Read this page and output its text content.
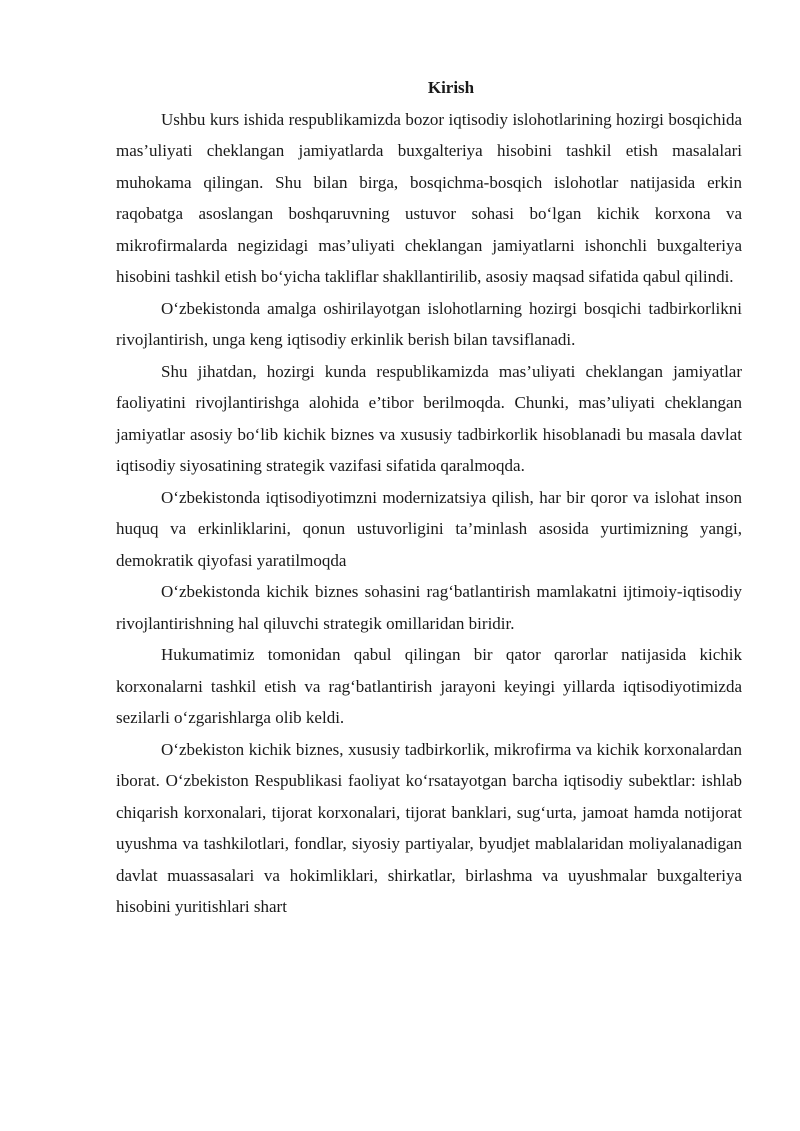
Kirish

Ushbu kurs ishida respublikamizda bozor iqtisodiy islohotlarining hozirgi bosqichida mas’uliyati cheklangan jamiyatlarda buxgalteriya hisobini tashkil etish masalalari muhokama qilingan. Shu bilan birga, bosqichma-bosqich islohotlar natijasida erkin raqobatga asoslangan boshqaruvning ustuvor sohasi bo‘lgan kichik korxona va mikrofirmalarda negizidagi mas’uliyati cheklangan jamiyatlarni ishonchli buxgalteriya hisobini tashkil etish bo‘yicha takliflar shakllantirilib, asosiy maqsad sifatida qabul qilindi.

O‘zbekistonda amalga oshirilayotgan islohotlarning hozirgi bosqichi tadbirkorlikni rivojlantirish, unga keng iqtisodiy erkinlik berish bilan tavsiflanadi.

Shu jihatdan, hozirgi kunda respublikamizda mas’uliyati cheklangan jamiyatlar faoliyatini rivojlantirishga alohida e’tibor berilmoqda. Chunki, mas’uliyati cheklangan jamiyatlar asosiy bo‘lib kichik biznes va xususiy tadbirkorlik hisoblanadi bu masala davlat iqtisodiy siyosatining strategik vazifasi sifatida qaralmoqda.

O‘zbekistonda iqtisodiyotimzni modernizatsiya qilish, har bir qoror va islohat inson huquq va erkinliklarini, qonun ustuvorligini ta’minlash asosida yurtimizning yangi, demokratik qiyofasi yaratilmoqda

O‘zbekistonda kichik biznes sohasini rag‘batlantirish mamlakatni ijtimoiy-iqtisodiy rivojlantirishning hal qiluvchi strategik omillaridan biridir.

Hukumatimiz tomonidan qabul qilingan bir qator qarorlar natijasida kichik korxonalarni tashkil etish va rag‘batlantirish jarayoni keyingi yillarda iqtisodiyotimizda sezilarli o‘zgarishlarga olib keldi.

O‘zbekiston kichik biznes, xususiy tadbirkorlik, mikrofirma va kichik korxonalardan iborat. O‘zbekiston Respublikasi faoliyat ko‘rsatayotgan barcha iqtisodiy subektlar: ishlab chiqarish korxonalari, tijorat korxonalari, tijorat banklari, sug‘urta, jamoat hamda notijorat uyushma va tashkilotlari, fondlar, siyosiy partiyalar, byudjet mablalaridan moliyalanadigan davlat muassasalari va hokimliklari, shirkatlar, birlashma va uyushmalar buxgalteriya hisobini yuritishlari shart
